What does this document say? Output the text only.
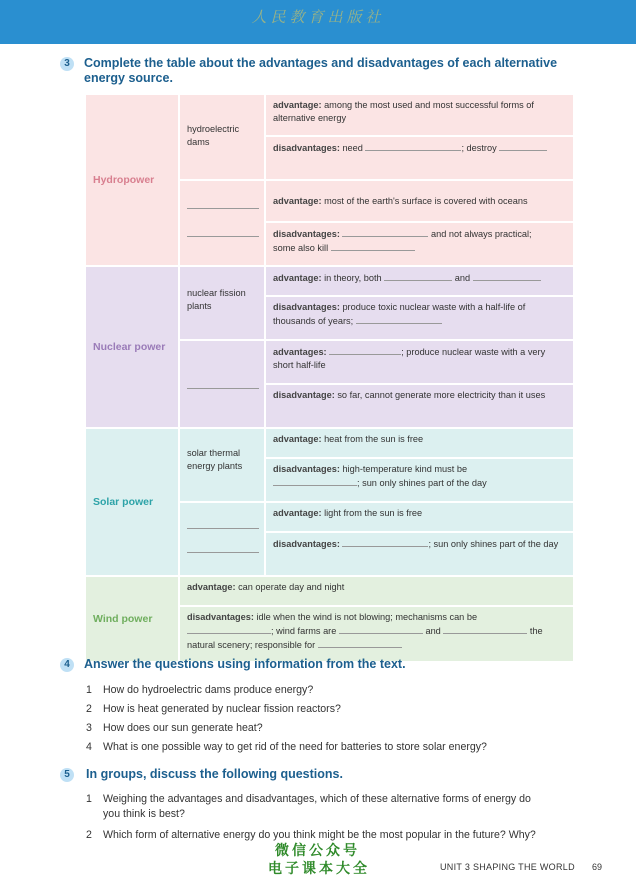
人民教育出版社
3	Complete the table about the advantages and disadvantages of each alternative
energy source.
Hydropower	hydroelectric dams	advantage: among the most used and most successful forms of alternative energy
		disadvantages: need ; destroy

		advantage: most of the earth's surface is covered with oceans
		disadvantages: and not always practical;
some also kill
Nuclear power	nuclear fission plants	advantage: in theory, both and
		disadvantages: produce toxic nuclear waste with a half-life of thousands of years;

		advantages: ; produce nuclear waste with a very short half-life
		disadvantage: so far, cannot generate more electricity than it uses
Solar power	solar thermal energy plants	advantage: heat from the sun is free
		disadvantages: high-temperature kind must be
; sun only shines part of the day

		advantage: light from the sun is free
		disadvantages: ; sun only shines part of the day
Wind power	advantage: can operate day and night	
	disadvantages: idle when the wind is not blowing; mechanisms can be
; wind farms are and the
natural scenery; responsible for	
4	Answer the questions using information from the text.
1 How do hydroelectric dams produce energy?
2 How is heat generated by nuclear fission reactors?
3 How does our sun generate heat?
4 What is one possible way to get rid of the need for batteries to store solar energy?
5	In groups, discuss the following questions.
1 Weighing the advantages and disadvantages, which of these alternative forms of energy do
you think is best?
2 Which form of alternative energy do you think might be the most popular in the future? Why?
微信公众号
电子课本大全	UNIT 3 SHAPING THE WORLD 69
